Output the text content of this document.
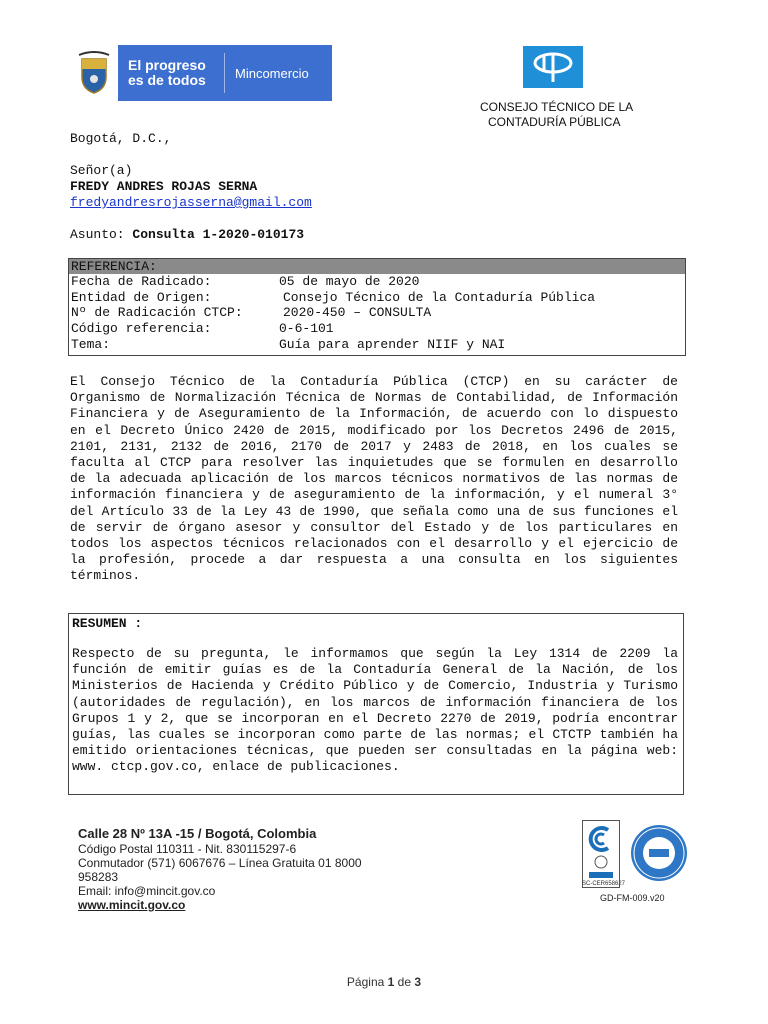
El progreso
es de todos	Mincomercio
CONSEJO TÉCNICO DE LA
CONTADURÍA PÚBLICA
Bogotá, D.C.,
Señor(a)
FREDY ANDRES ROJAS SERNA
fredyandresrojasserna@gmail.com
Asunto: Consulta 1-2020-010173
REFERENCIA:
Fecha de Radicado:	05 de mayo de 2020
Entidad de Origen:	Consejo Técnico de la Contaduría Pública
Nº de Radicación CTCP:	2020-450 – CONSULTA
Código referencia:	0-6-101
Tema:	Guía para aprender NIIF y NAI

El Consejo Técnico de la Contaduría Pública (CTCP) en su carácter de Organismo de Normalización Técnica de Normas de Contabilidad, de Información Financiera y de Aseguramiento de la Información, de acuerdo con lo dispuesto en el Decreto Único 2420 de 2015, modificado por los Decretos 2496 de 2015, 2101, 2131, 2132 de 2016, 2170 de 2017 y 2483 de 2018, en los cuales se faculta al CTCP para resolver las inquietudes que se formulen en desarrollo de la adecuada aplicación de los marcos técnicos normativos de las normas de información financiera y de aseguramiento de la información, y el numeral 3° del Artículo 33 de la Ley 43 de 1990, que señala como una de sus funciones el de servir de órgano asesor y consultor del Estado y de los particulares en todos los aspectos técnicos relacionados con el desarrollo y el ejercicio de la profesión, procede a dar respuesta a una consulta en los siguientes términos.

RESUMEN :

Respecto de su pregunta, le informamos que según la Ley 1314 de 2209 la función de emitir guías es de la Contaduría General de la Nación, de los Ministerios de Hacienda y Crédito Público y de Comercio, Industria y Turismo (autoridades de regulación), en los marcos de información financiera de los Grupos 1 y 2, que se incorporan en el Decreto 2270 de 2019, podría encontrar guías, las cuales se incorporan como parte de las normas; el CTCTP también ha emitido orientaciones técnicas, que pueden ser consultadas en la página web: www. ctcp.gov.co, enlace de publicaciones.

Calle 28 Nº 13A -15 / Bogotá, Colombia
Código Postal 110311 - Nit. 830115297-6
Conmutador (571) 6067676 – Línea Gratuita 01 8000
958283
Email: info@mincit.gov.co
www.mincit.gov.co
SC-CER658627
GD-FM-009.v20
Página 1 de 3
